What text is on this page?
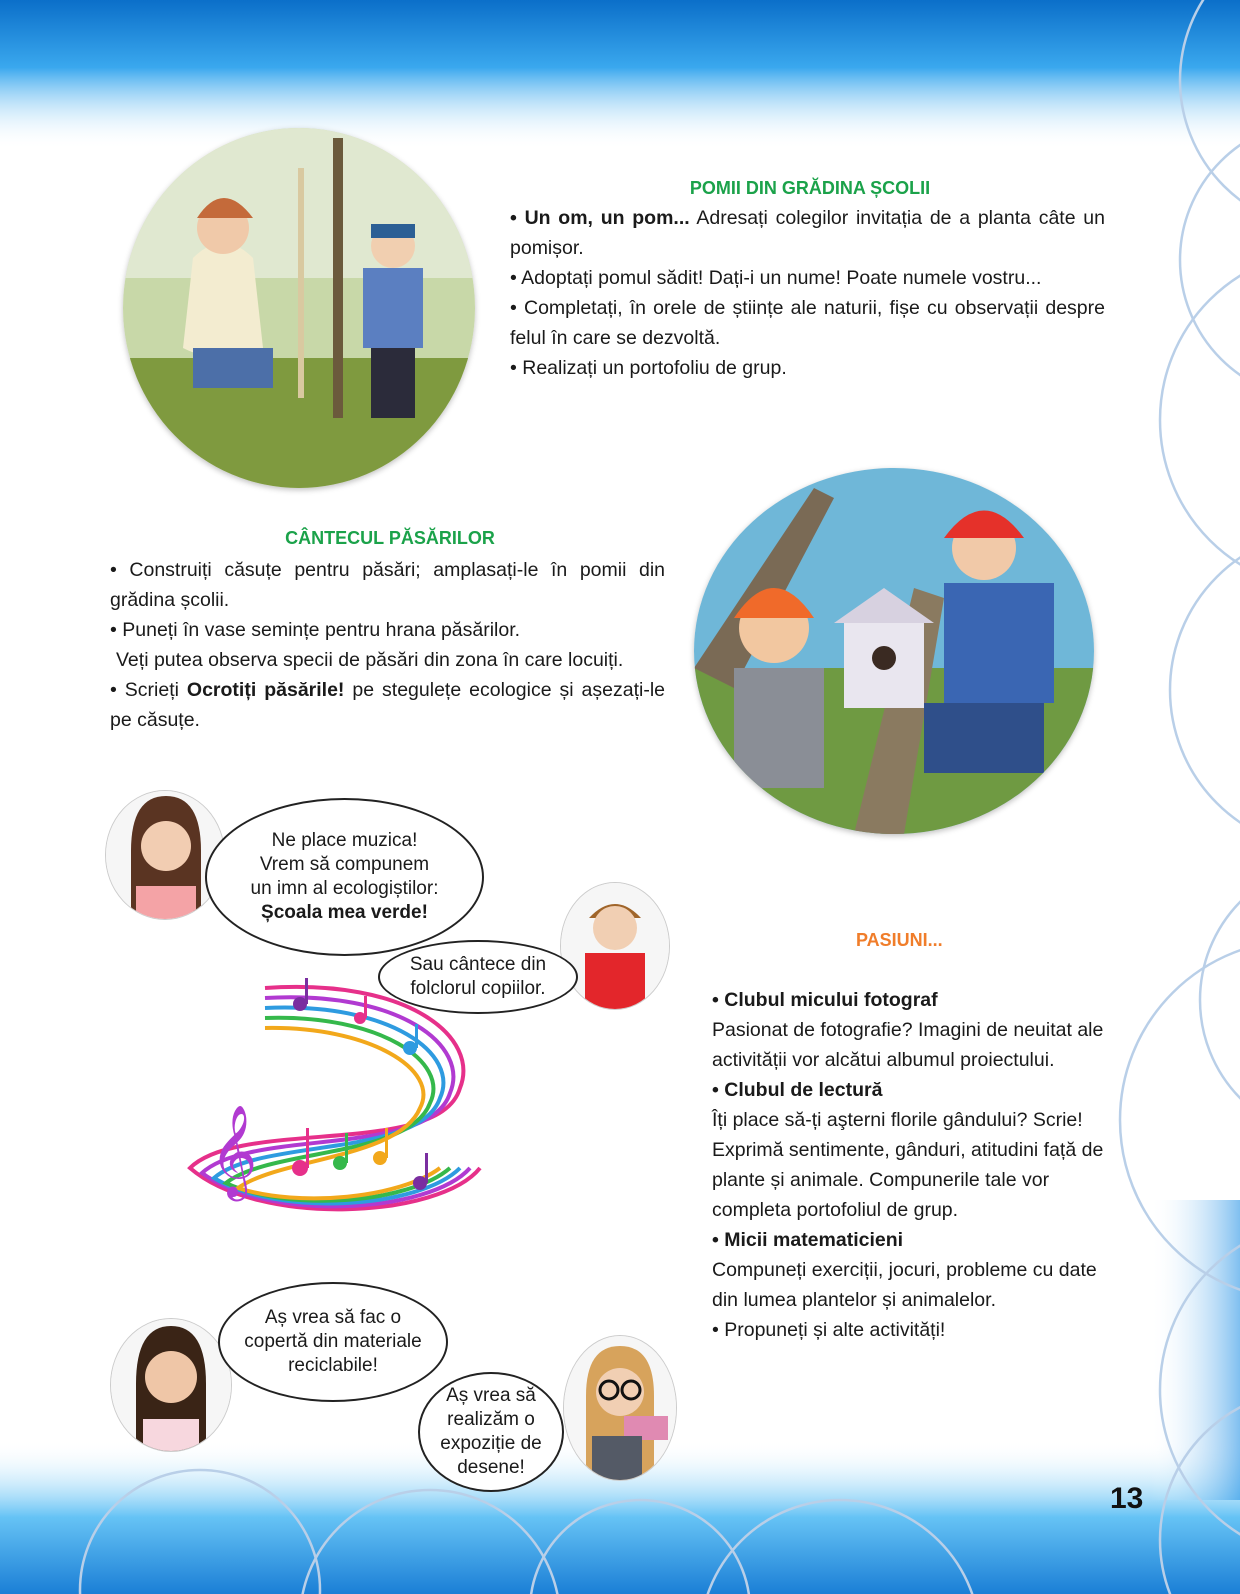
POMII DIN GRĂDINA ȘCOLII

• Un om, un pom... Adresați colegilor invitația de a planta câte un pomișor.

• Adoptați pomul sădit! Dați-i un nume! Poate numele vostru...

• Completați, în orele de științe ale naturii, fișe cu observații despre felul în care se dezvoltă.

• Realizați un portofoliu de grup.

CÂNTECUL PĂSĂRILOR

• Construiți căsuțe pentru păsări; amplasați-le în pomii din grădina școlii.

• Puneți în vase semințe pentru hrana păsărilor.

Veți putea observa specii de păsări din zona în care locuiți.

• Scrieți Ocrotiți păsările! pe stegulețe ecologice și așezați-le pe căsuțe.

Ne place muzica!
Vrem să compunem
un imn al ecologiștilor:
Școala mea verde!
Sau cântece din
folclorul copiilor.
𝄞
Aș vrea să fac o
copertă din materiale
reciclabile!
Aș vrea să
realizăm o
expoziție de
desene!
PASIUNI...

• Clubul micului fotograf

Pasionat de fotografie? Imagini de neuitat ale activității vor alcătui albumul proiectului.

• Clubul de lectură

Îți place să-ți aşterni florile gândului? Scrie! Exprimă sentimente, gânduri, atitudini față de plante și animale. Compunerile tale vor completa portofoliul de grup.

• Micii matematicieni

Compuneți exerciții, jocuri, probleme cu date din lumea plantelor și animalelor.

• Propuneți și alte activități!

13
